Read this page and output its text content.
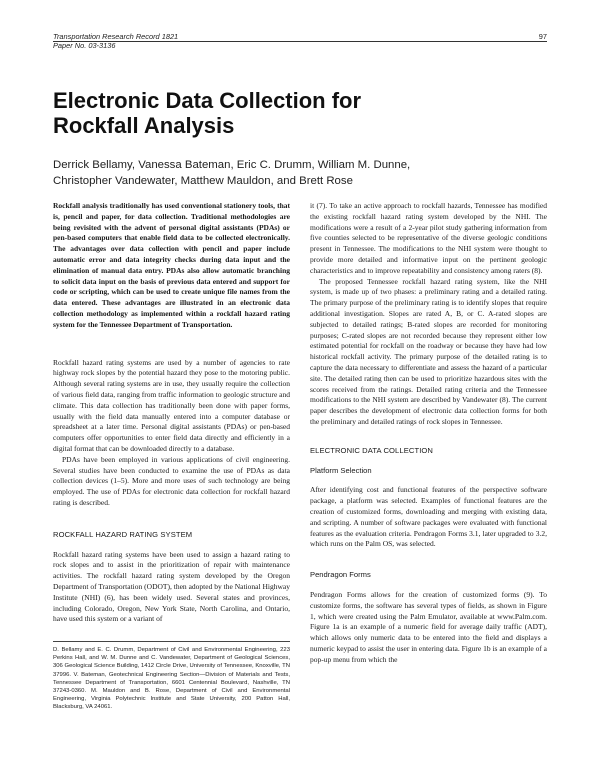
Transportation Research Record 1821
Paper No. 03-3136
97
Electronic Data Collection for
Rockfall Analysis

Derrick Bellamy, Vanessa Bateman, Eric C. Drumm, William M. Dunne,
Christopher Vandewater, Matthew Mauldon, and Brett Rose

Rockfall analysis traditionally has used conventional stationery tools, that is, pencil and paper, for data collection. Traditional methodologies are being revisited with the advent of personal digital assistants (PDAs) or pen-based computers that enable field data to be collected electronically. The advantages over data collection with pencil and paper include automatic error and data integrity checks during data input and the elimination of manual data entry. PDAs also allow automatic branching to solicit data input on the basis of previous data entered and support for code or scripting, which can be used to create unique file names from the data entered. These advantages are illustrated in an electronic data collection methodology as implemented within a rockfall hazard rating system for the Tennessee Department of Transportation.

Rockfall hazard rating systems are used by a number of agencies to rate highway rock slopes by the potential hazard they pose to the motoring public. Although several rating systems are in use, they usually require the collection of various field data, ranging from traffic information to geologic structure and climate. This data collection has traditionally been done with paper forms, usually with the field data manually entered into a computer database or spreadsheet at a later time. Personal digital assistants (PDAs) or pen-based computers offer opportunities to enter field data directly and efficiently in a digital format that can be downloaded directly to a database.

PDAs have been employed in various applications of civil engineering. Several studies have been conducted to examine the use of PDAs as data collection devices (1–5). More and more uses of such technology are being employed. The use of PDAs for electronic data collection for rockfall hazard rating is described.

ROCKFALL HAZARD RATING SYSTEM

Rockfall hazard rating systems have been used to assign a hazard rating to rock slopes and to assist in the prioritization of repair with maintenance activities. The rockfall hazard rating system developed by the Oregon Department of Transportation (ODOT), then adopted by the National Highway Institute (NHI) (6), has been widely used. Several states and provinces, including Colorado, Oregon, New York State, North Carolina, and Ontario, have used this system or a variant of

D. Bellamy and E. C. Drumm, Department of Civil and Environmental Engineering, 223 Perkins Hall, and W. M. Dunne and C. Vandewater, Department of Geological Sciences, 306 Geological Science Building, 1412 Circle Drive, University of Tennessee, Knoxville, TN 37996. V. Bateman, Geotechnical Engineering Section—Division of Materials and Tests, Tennessee Department of Transportation, 6601 Centennial Boulevard, Nashville, TN 37243-0360. M. Mauldon and B. Rose, Department of Civil and Environmental Engineering, Virginia Polytechnic Institute and State University, 200 Patton Hall, Blacksburg, VA 24061.

it (7). To take an active approach to rockfall hazards, Tennessee has modified the existing rockfall hazard rating system developed by the NHI. The modifications were a result of a 2-year pilot study gathering information from five counties selected to be representative of the diverse geologic conditions present in Tennessee. The modifications to the NHI system were thought to provide more detailed and informative input on the pertinent geologic characteristics and to improve repeatability and consistency among raters (8).

The proposed Tennessee rockfall hazard rating system, like the NHI system, is made up of two phases: a preliminary rating and a detailed rating. The primary purpose of the preliminary rating is to identify slopes that require additional investigation. Slopes are rated A, B, or C. A-rated slopes are subjected to detailed ratings; B-rated slopes are recorded for monitoring purposes; C-rated slopes are not recorded because they represent either low estimated potential for rockfall on the roadway or because they have had low historical rockfall activity. The primary purpose of the detailed rating is to capture the data necessary to differentiate and assess the hazard of a particular site. The detailed rating then can be used to prioritize hazardous sites with the scores received from the ratings. Detailed rating criteria and the Tennessee modifications to the NHI system are described by Vandewater (8). The current paper describes the development of electronic data collection forms for both the preliminary and detailed ratings of rock slopes in Tennessee.

ELECTRONIC DATA COLLECTION
Platform Selection

After identifying cost and functional features of the perspective software package, a platform was selected. Examples of functional features are the creation of customized forms, downloading and merging with existing data, and scripting. A number of software packages were evaluated with functional features as the evaluation criteria. Pendragon Forms 3.1, later upgraded to 3.2, which runs on the Palm OS, was selected.

Pendragon Forms

Pendragon Forms allows for the creation of customized forms (9). To customize forms, the software has several types of fields, as shown in Figure 1, which were created using the Palm Emulator, available at www.Palm.com. Figure 1a is an example of a numeric field for average daily traffic (ADT), which allows only numeric data to be entered into the field and displays a numeric keypad to assist the user in entering data. Figure 1b is an example of a pop-up menu from which the
